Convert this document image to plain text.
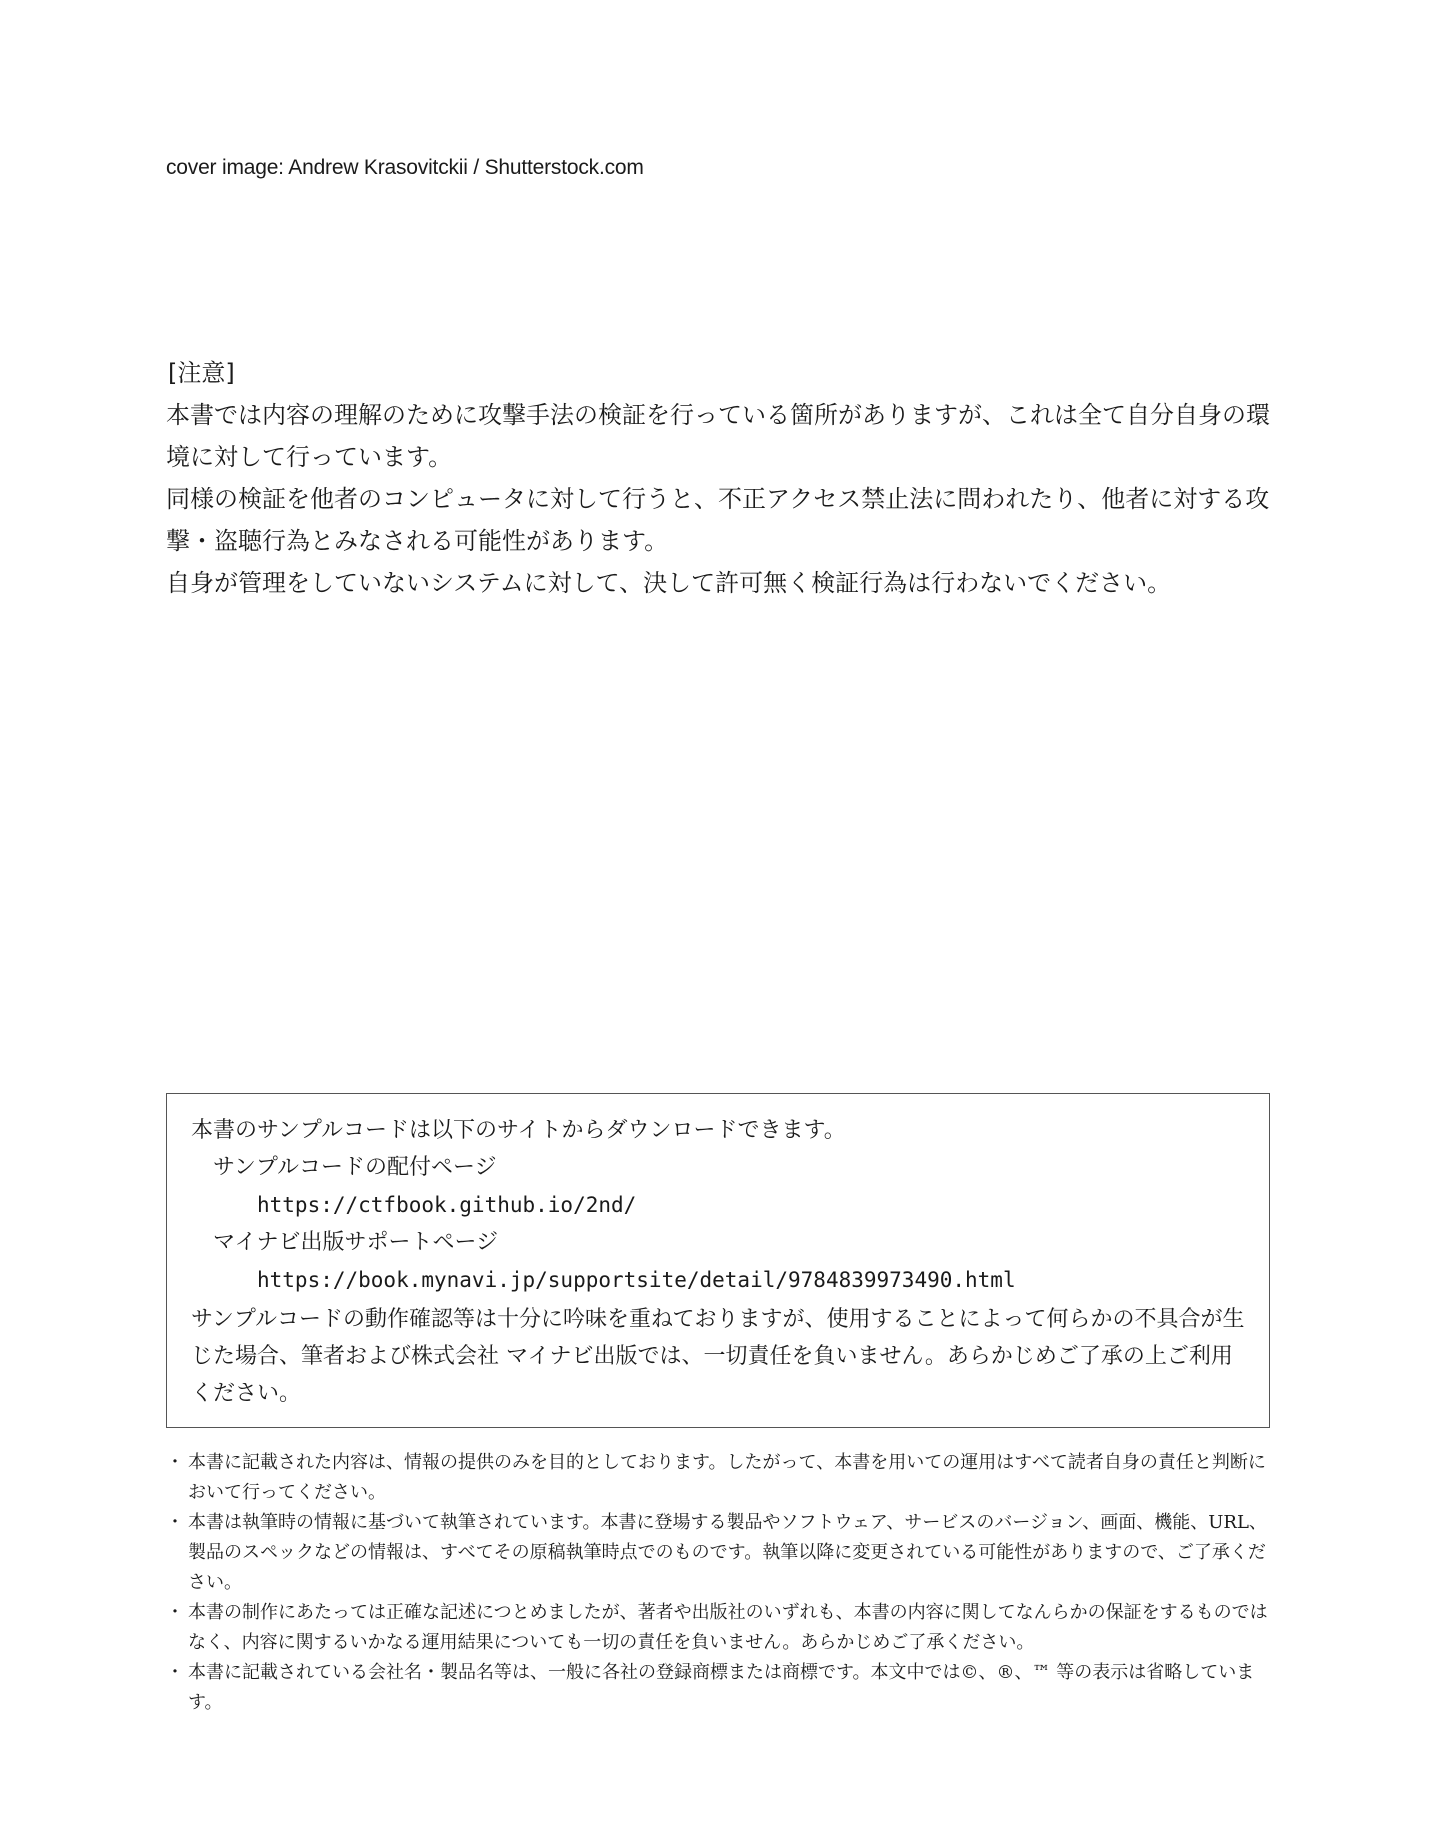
cover image: Andrew Krasovitckii / Shutterstock.com
[注意]
本書では内容の理解のために攻撃手法の検証を行っている箇所がありますが、これは全て自分自身の環境に対して行っています。
同様の検証を他者のコンピュータに対して行うと、不正アクセス禁止法に問われたり、他者に対する攻撃・盗聴行為とみなされる可能性があります。
自身が管理をしていないシステムに対して、決して許可無く検証行為は行わないでください。
本書のサンプルコードは以下のサイトからダウンロードできます。
サンプルコードの配付ページ
https://ctfbook.github.io/2nd/
マイナビ出版サポートページ
https://book.mynavi.jp/supportsite/detail/9784839973490.html
サンプルコードの動作確認等は十分に吟味を重ねておりますが、使用することによって何らかの不具合が生じた場合、筆者および株式会社 マイナビ出版では、一切責任を負いません。あらかじめご了承の上ご利用ください。
・ 本書に記載された内容は、情報の提供のみを目的としております。したがって、本書を用いての運用はすべて読者自身の責任と判断において行ってください。
・ 本書は執筆時の情報に基づいて執筆されています。本書に登場する製品やソフトウェア、サービスのバージョン、画面、機能、URL、製品のスペックなどの情報は、すべてその原稿執筆時点でのものです。執筆以降に変更されている可能性がありますので、ご了承ください。
・ 本書の制作にあたっては正確な記述につとめましたが、著者や出版社のいずれも、本書の内容に関してなんらかの保証をするものではなく、内容に関するいかなる運用結果についても一切の責任を負いません。あらかじめご了承ください。
・ 本書に記載されている会社名・製品名等は、一般に各社の登録商標または商標です。本文中では©、®、™ 等の表示は省略しています。
